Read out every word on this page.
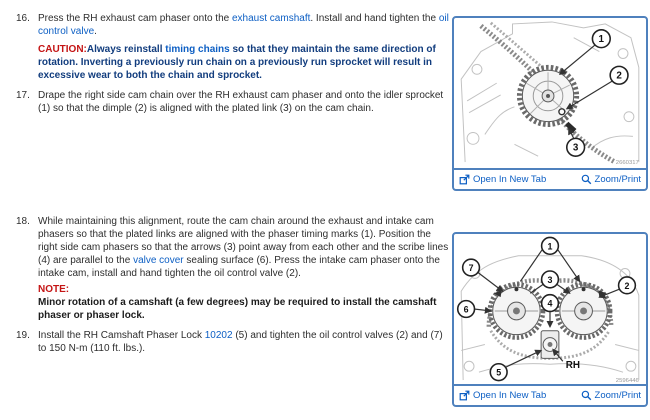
16. Press the RH exhaust cam phaser onto the exhaust camshaft. Install and hand tighten the oil control valve.
CAUTION:Always reinstall timing chains so that they maintain the same direction of rotation. Inverting a previously run chain on a previously run sprocket will result in excessive wear to both the chain and sprocket.
17. Drape the right side cam chain over the RH exhaust cam phaser and onto the idler sprocket (1) so that the dimple (2) is aligned with the plated link (3) on the cam chain.
18. While maintaining this alignment, route the cam chain around the exhaust and intake cam phasers so that the plated links are aligned with the phaser timing marks (1). Position the right side cam phasers so that the arrows (3) point away from each other and the scribe lines (4) are parallel to the valve cover sealing surface (6). Press the intake cam phaser onto the intake cam, install and hand tighten the oil control valve (2).
NOTE:
Minor rotation of a camshaft (a few degrees) may be required to install the camshaft phaser or phaser lock.
19. Install the RH Camshaft Phaser Lock 10202 (5) and tighten the oil control valves (2) and (7) to 150 N-m (110 ft. lbs.).
1
2
3
2660317
Open In New Tab	Zoom/Print
RH
1
7
2
3
4
6
5
2596446
Open In New Tab	Zoom/Print
